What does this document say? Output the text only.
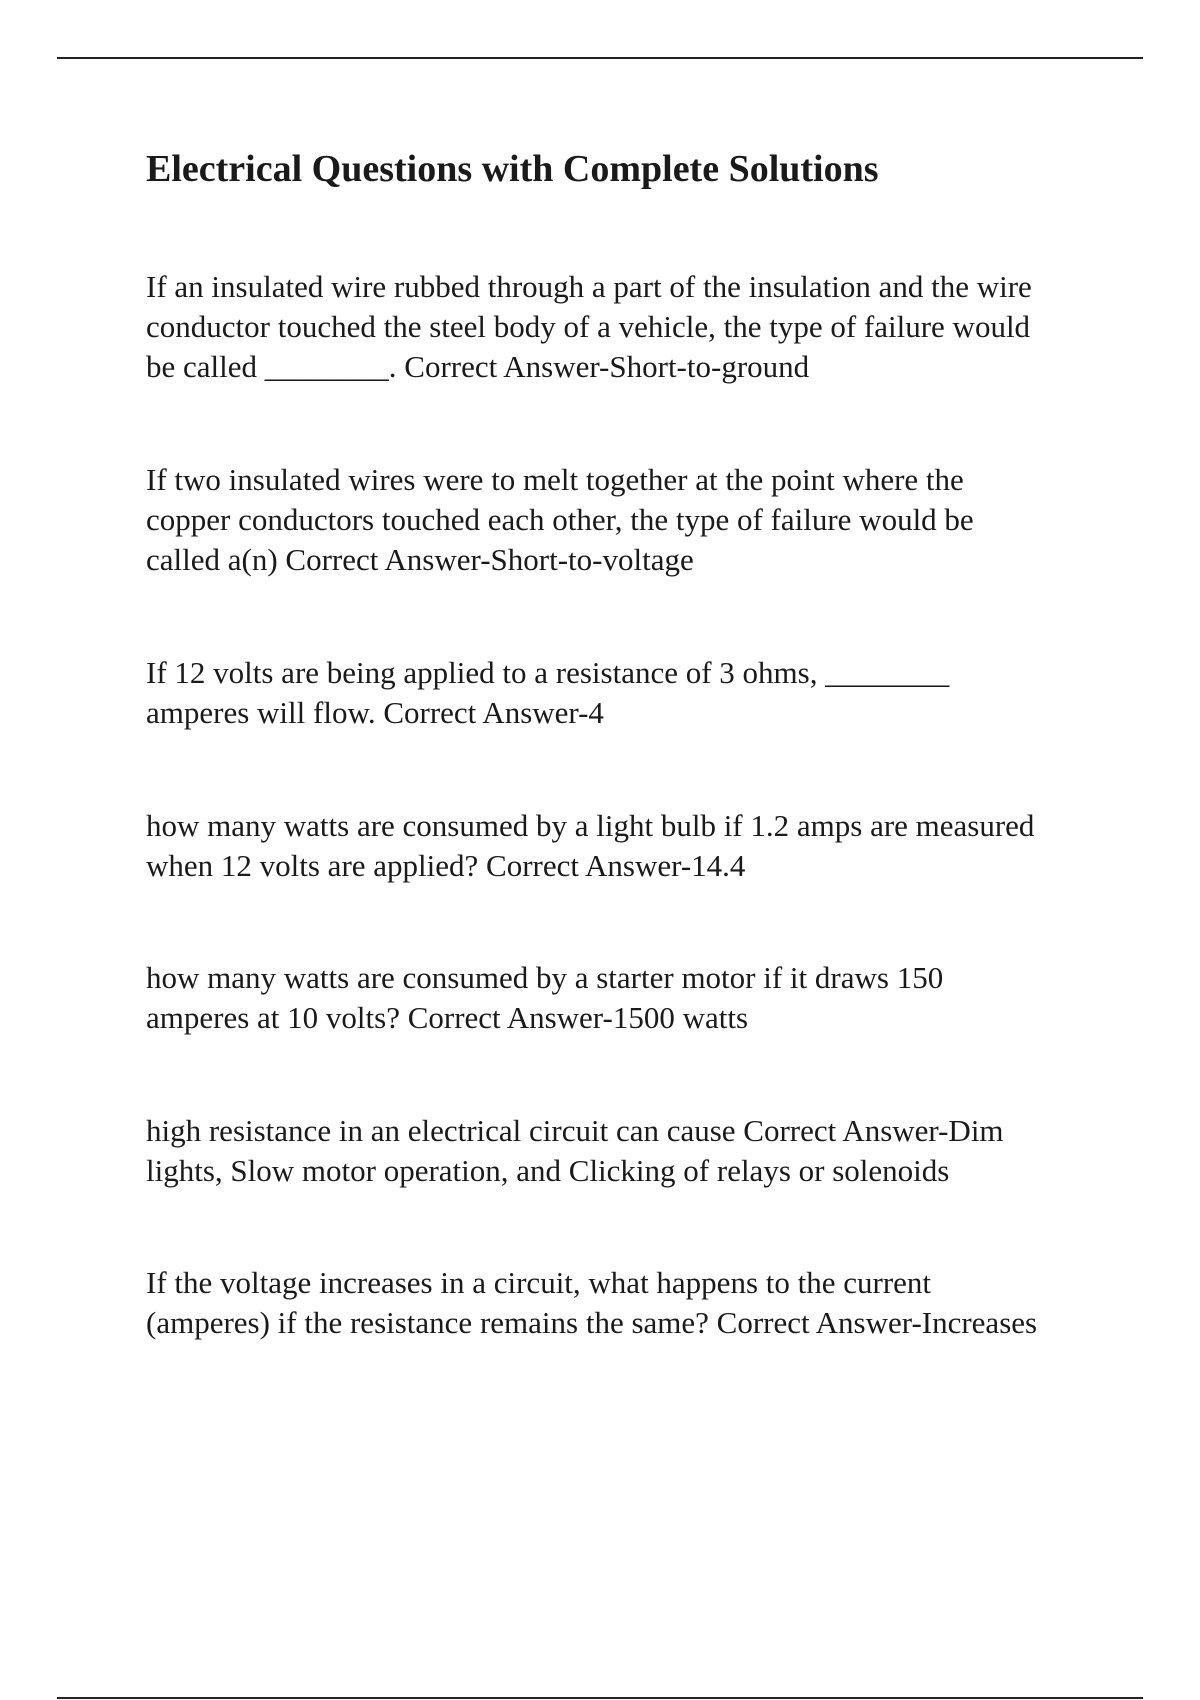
Electrical Questions with Complete Solutions

If an insulated wire rubbed through a part of the insulation and the wire
conductor touched the steel body of a vehicle, the type of failure would
be called ________. Correct Answer-Short-to-ground

If two insulated wires were to melt together at the point where the
copper conductors touched each other, the type of failure would be
called a(n) Correct Answer-Short-to-voltage

If 12 volts are being applied to a resistance of 3 ohms, ________
amperes will flow. Correct Answer-4

how many watts are consumed by a light bulb if 1.2 amps are measured
when 12 volts are applied? Correct Answer-14.4

how many watts are consumed by a starter motor if it draws 150
amperes at 10 volts? Correct Answer-1500 watts

high resistance in an electrical circuit can cause Correct Answer-Dim
lights, Slow motor operation, and Clicking of relays or solenoids

If the voltage increases in a circuit, what happens to the current
(amperes) if the resistance remains the same? Correct Answer-Increases
